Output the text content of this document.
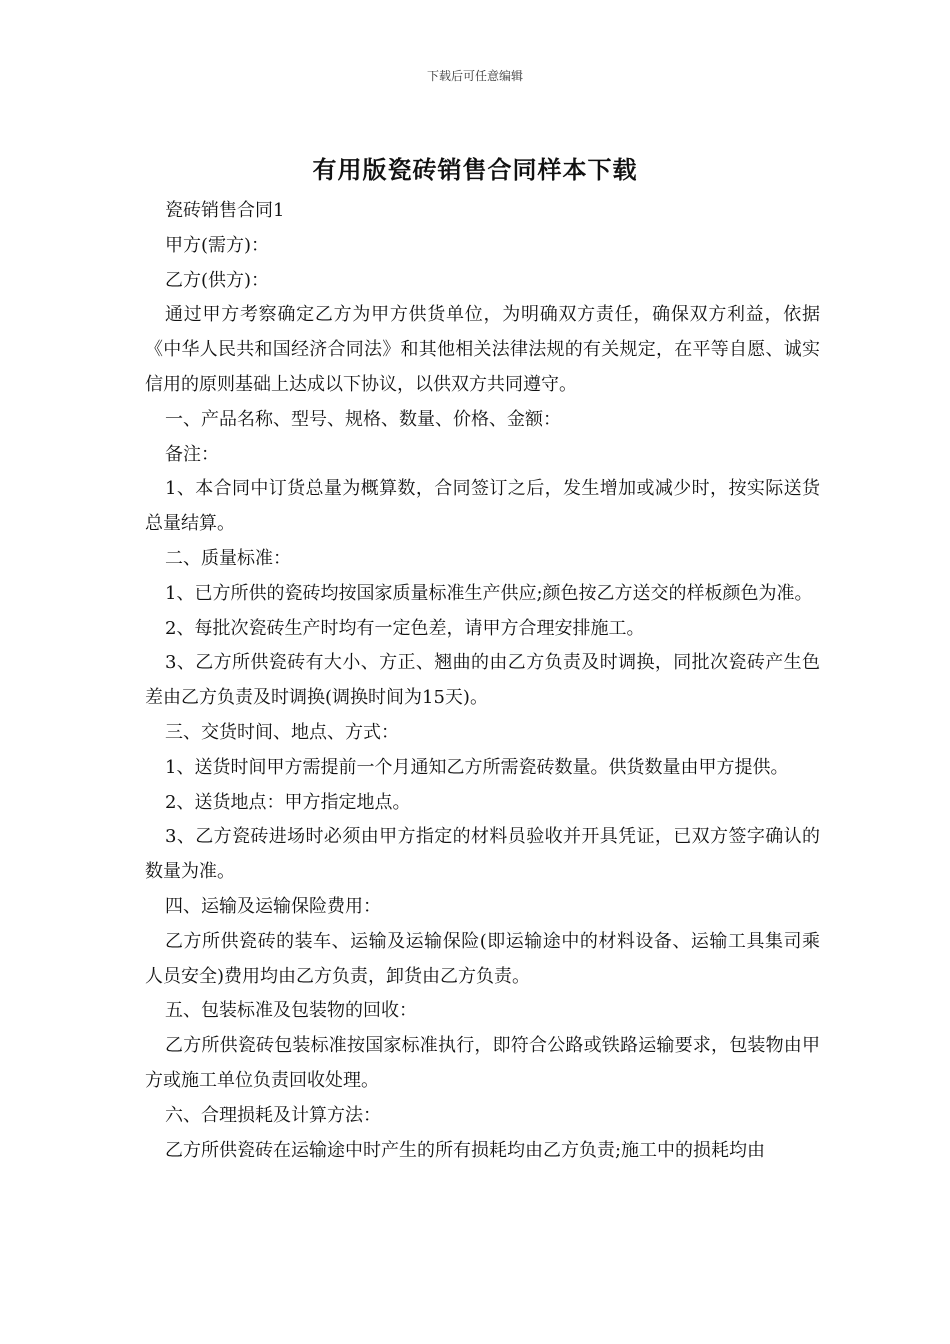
下载后可任意编辑
有用版瓷砖销售合同样本下载

瓷砖销售合同1

甲方(需方)：

乙方(供方)：

通过甲方考察确定乙方为甲方供货单位，为明确双方责任，确保双方利益，依据《中华人民共和国经济合同法》和其他相关法律法规的有关规定，在平等自愿、诚实信用的原则基础上达成以下协议，以供双方共同遵守。

一、产品名称、型号、规格、数量、价格、金额：

备注：

1、本合同中订货总量为概算数，合同签订之后，发生增加或减少时，按实际送货总量结算。

二、质量标准：

1、已方所供的瓷砖均按国家质量标准生产供应;颜色按乙方送交的样板颜色为准。

2、每批次瓷砖生产时均有一定色差，请甲方合理安排施工。

3、乙方所供瓷砖有大小、方正、翘曲的由乙方负责及时调换，同批次瓷砖产生色差由乙方负责及时调换(调换时间为15天)。

三、交货时间、地点、方式：

1、送货时间甲方需提前一个月通知乙方所需瓷砖数量。供货数量由甲方提供。

2、送货地点：甲方指定地点。

3、乙方瓷砖进场时必须由甲方指定的材料员验收并开具凭证，已双方签字确认的数量为准。

四、运输及运输保险费用：

乙方所供瓷砖的装车、运输及运输保险(即运输途中的材料设备、运输工具集司乘人员安全)费用均由乙方负责，卸货由乙方负责。

五、包装标准及包装物的回收：

乙方所供瓷砖包装标准按国家标准执行，即符合公路或铁路运输要求，包装物由甲方或施工单位负责回收处理。

六、合理损耗及计算方法：

乙方所供瓷砖在运输途中时产生的所有损耗均由乙方负责;施工中的损耗均由
